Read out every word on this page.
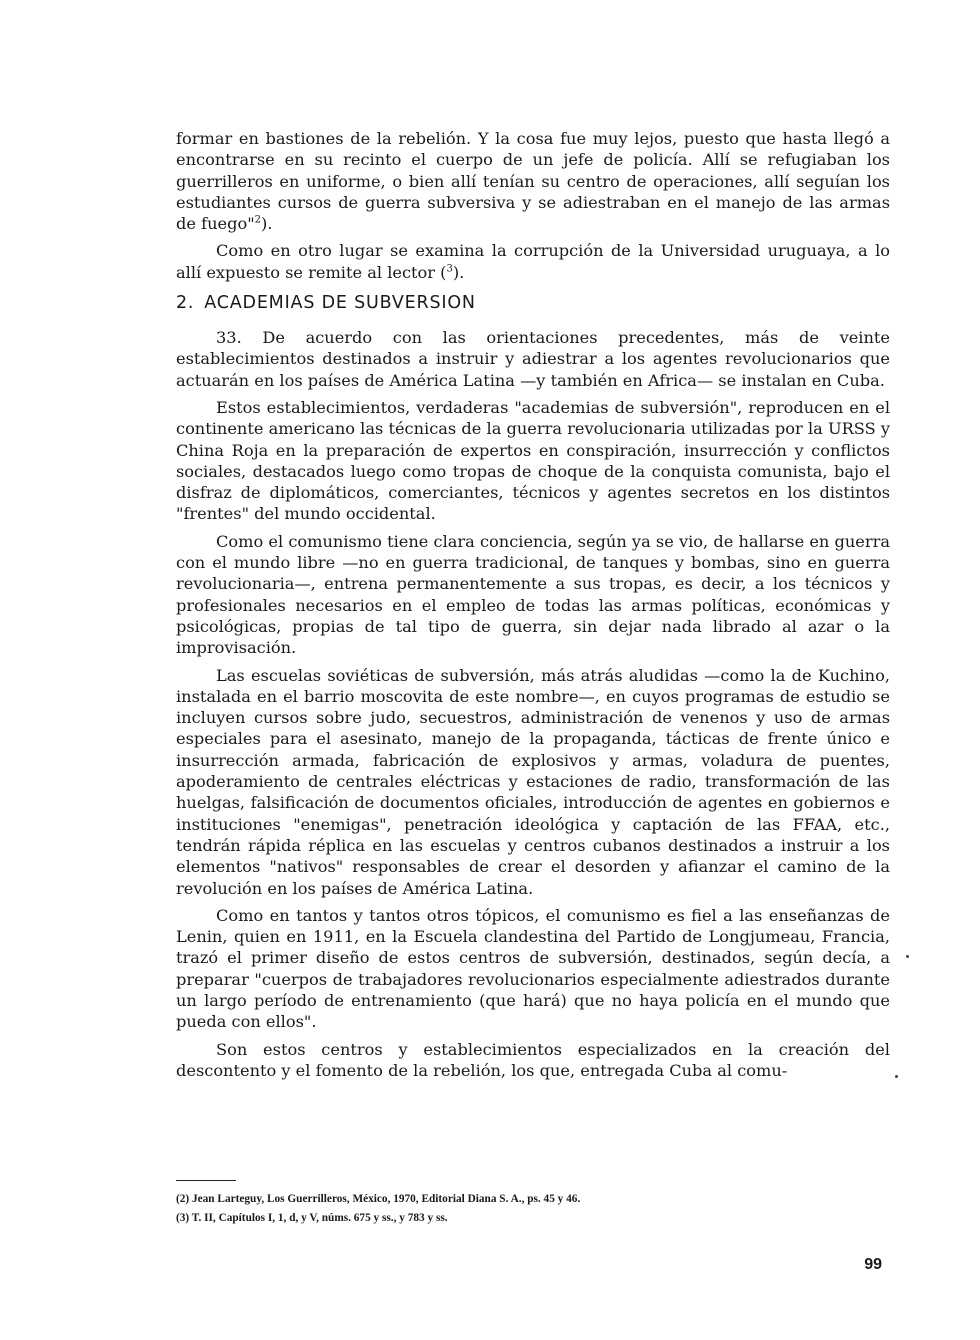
formar en bastiones de la rebelión. Y la cosa fue muy lejos, puesto que hasta llegó a encontrarse en su recinto el cuerpo de un jefe de policía. Allí se refugiaban los guerrilleros en uniforme, o bien allí tenían su centro de operaciones, allí seguían los estudiantes cursos de guerra subversiva y se adiestraban en el manejo de las armas de fuego"$^2$).

Como en otro lugar se examina la corrupción de la Universidad uruguaya, a lo allí expuesto se remite al lector ($^3$).

2. ACADEMIAS DE SUBVERSION

33. De acuerdo con las orientaciones precedentes, más de veinte establecimientos destinados a instruir y adiestrar a los agentes revolucionarios que actuarán en los países de América Latina —y también en Africa— se instalan en Cuba.

Estos establecimientos, verdaderas "academias de subversión", reproducen en el continente americano las técnicas de la guerra revolucionaria utilizadas por la URSS y China Roja en la preparación de expertos en conspiración, insurrección y conflictos sociales, destacados luego como tropas de choque de la conquista comunista, bajo el disfraz de diplomáticos, comerciantes, técnicos y agentes secretos en los distintos "frentes" del mundo occidental.

Como el comunismo tiene clara conciencia, según ya se vio, de hallarse en guerra con el mundo libre —no en guerra tradicional, de tanques y bombas, sino en guerra revolucionaria—, entrena permanentemente a sus tropas, es decir, a los técnicos y profesionales necesarios en el empleo de todas las armas políticas, económicas y psicológicas, propias de tal tipo de guerra, sin dejar nada librado al azar o la improvisación.

Las escuelas soviéticas de subversión, más atrás aludidas —como la de Kuchino, instalada en el barrio moscovita de este nombre—, en cuyos programas de estudio se incluyen cursos sobre judo, secuestros, administración de venenos y uso de armas especiales para el asesinato, manejo de la propaganda, tácticas de frente único e insurrección armada, fabricación de explosivos y armas, voladura de puentes, apoderamiento de centrales eléctricas y estaciones de radio, transformación de las huelgas, falsificación de documentos oficiales, introducción de agentes en gobiernos e instituciones "enemigas", penetración ideológica y captación de las FFAA, etc., tendrán rápida réplica en las escuelas y centros cubanos destinados a instruir a los elementos "nativos" responsables de crear el desorden y afianzar el camino de la revolución en los países de América Latina.

Como en tantos y tantos otros tópicos, el comunismo es fiel a las enseñanzas de Lenin, quien en 1911, en la Escuela clandestina del Partido de Longjumeau, Francia, trazó el primer diseño de estos centros de subversión, destinados, según decía, a preparar "cuerpos de trabajadores revolucionarios especialmente adiestrados durante un largo período de entrenamiento (que hará) que no haya policía en el mundo que pueda con ellos".

Son estos centros y establecimientos especializados en la creación del descontento y el fomento de la rebelión, los que, entregada Cuba al comu-

(2) Jean Larteguy, Los Guerrilleros, México, 1970, Editorial Diana S. A., ps. 45 y 46.
(3) T. II, Capítulos I, 1, d, y V, núms. 675 y ss., y 783 y ss.
99
